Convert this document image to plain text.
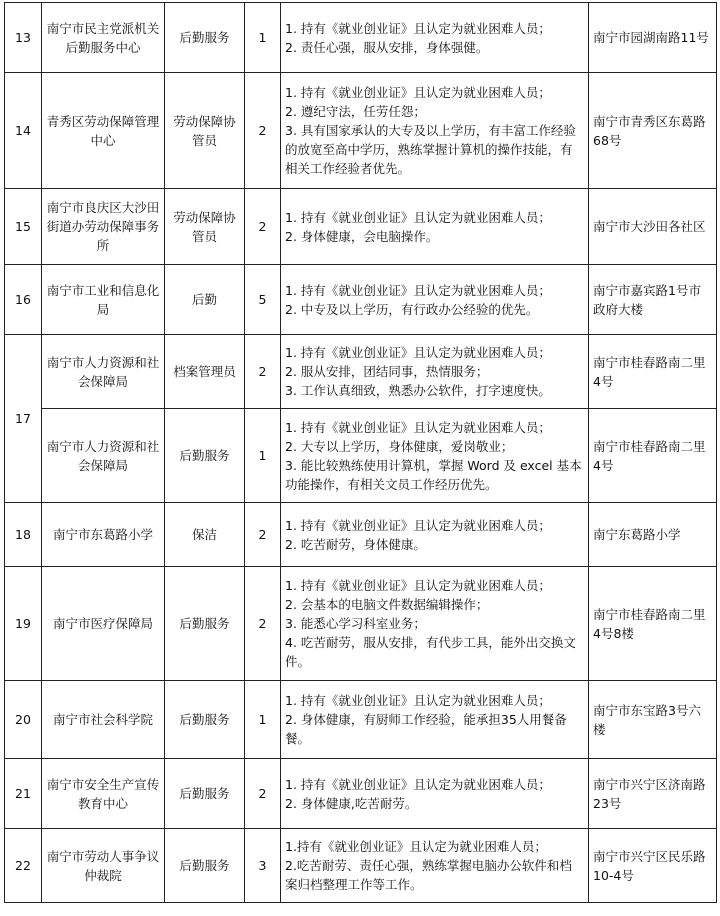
13	南宁市民主党派机关后勤服务中心	后勤服务	1	1. 持有《就业创业证》且认定为就业困难人员；
2. 责任心强，服从安排，身体强健。	南宁市园湖南路11号
14	青秀区劳动保障管理中心	劳动保障协管员	2	1. 持有《就业创业证》且认定为就业困难人员；
2. 遵纪守法，任劳任怨；
3. 具有国家承认的大专及以上学历，有丰富工作经验的放宽至高中学历，熟练掌握计算机的操作技能，有相关工作经验者优先。	南宁市青秀区东葛路68号
15	南宁市良庆区大沙田街道办劳动保障事务所	劳动保障协管员	2	1. 持有《就业创业证》且认定为就业困难人员；
2. 身体健康，会电脑操作。	南宁市大沙田各社区
16	南宁市工业和信息化局	后勤	5	1. 持有《就业创业证》且认定为就业困难人员；
2. 中专及以上学历，有行政办公经验的优先。	南宁市嘉宾路1号市政府大楼
17	南宁市人力资源和社会保障局	档案管理员	2	1. 持有《就业创业证》且认定为就业困难人员；
2. 服从安排，团结同事，热情服务；
3. 工作认真细致，熟悉办公软件，打字速度快。	南宁市桂春路南二里4号
	南宁市人力资源和社会保障局	后勤服务	1	1. 持有《就业创业证》且认定为就业困难人员；
2. 大专以上学历，身体健康，爱岗敬业；
3. 能比较熟练使用计算机，掌握 Word 及 excel 基本功能操作，有相关文员工作经历优先。	南宁市桂春路南二里4号
18	南宁市东葛路小学	保洁	2	1. 持有《就业创业证》且认定为就业困难人员；
2. 吃苦耐劳，身体健康。	南宁东葛路小学
19	南宁市医疗保障局	后勤服务	2	1. 持有《就业创业证》且认定为就业困难人员；
2. 会基本的电脑文件数据编辑操作；
3. 能悉心学习科室业务；
4. 吃苦耐劳，服从安排，有代步工具，能外出交换文件。	南宁市桂春路南二里4号8楼
20	南宁市社会科学院	后勤服务	1	1. 持有《就业创业证》且认定为就业困难人员；
2. 身体健康，有厨师工作经验，能承担35人用餐备餐。	南宁市东宝路3号六楼
21	南宁市安全生产宣传教育中心	后勤服务	2	1. 持有《就业创业证》且认定为就业困难人员；
2. 身体健康,吃苦耐劳。	南宁市兴宁区济南路23号
22	南宁市劳动人事争议仲裁院	后勤服务	3	1.持有《就业创业证》且认定为就业困难人员；
2.吃苦耐劳、责任心强，熟练掌握电脑办公软件和档案归档整理工作等工作。	南宁市兴宁区民乐路10-4号
